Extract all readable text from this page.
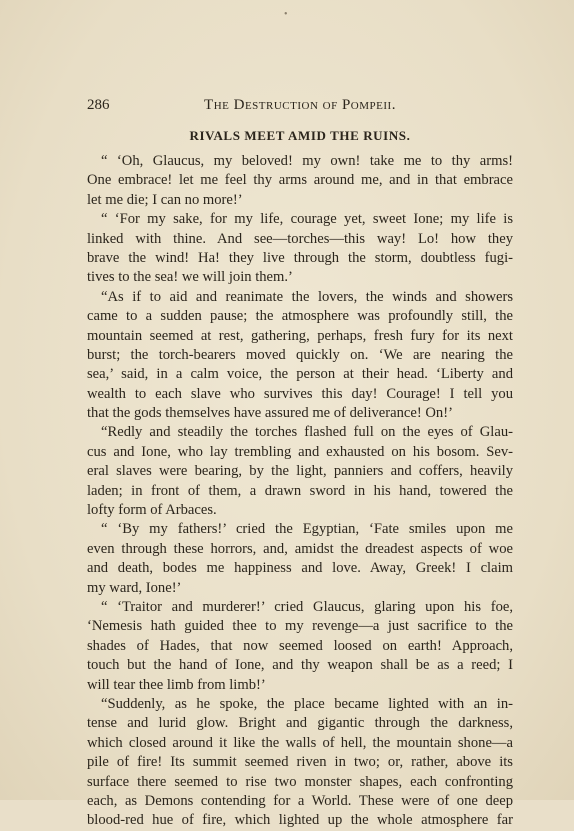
•
286	The Destruction of Pompeii.
RIVALS MEET AMID THE RUINS.
“ ‘Oh, Glaucus, my beloved! my own! take me to thy arms!
One embrace! let me feel thy arms around me, and in that embrace
let me die; I can no more!’
“ ‘For my sake, for my life, courage yet, sweet Ione; my life is
linked with thine. And see—torches—this way! Lo! how they
brave the wind! Ha! they live through the storm, doubtless fugi-
tives to the sea! we will join them.’
“As if to aid and reanimate the lovers, the winds and showers
came to a sudden pause; the atmosphere was profoundly still, the
mountain seemed at rest, gathering, perhaps, fresh fury for its next
burst; the torch-bearers moved quickly on. ‘We are nearing the
sea,’ said, in a calm voice, the person at their head. ‘Liberty and
wealth to each slave who survives this day! Courage! I tell you
that the gods themselves have assured me of deliverance! On!’
“Redly and steadily the torches flashed full on the eyes of Glau-
cus and Ione, who lay trembling and exhausted on his bosom. Sev-
eral slaves were bearing, by the light, panniers and coffers, heavily
laden; in front of them, a drawn sword in his hand, towered the
lofty form of Arbaces.
“ ‘By my fathers!’ cried the Egyptian, ‘Fate smiles upon me
even through these horrors, and, amidst the dreadest aspects of woe
and death, bodes me happiness and love. Away, Greek! I claim
my ward, Ione!’
“ ‘Traitor and murderer!’ cried Glaucus, glaring upon his foe,
‘Nemesis hath guided thee to my revenge—a just sacrifice to the
shades of Hades, that now seemed loosed on earth! Approach,
touch but the hand of Ione, and thy weapon shall be as a reed; I
will tear thee limb from limb!’
“Suddenly, as he spoke, the place became lighted with an in-
tense and lurid glow. Bright and gigantic through the darkness,
which closed around it like the walls of hell, the mountain shone—a
pile of fire! Its summit seemed riven in two; or, rather, above its
surface there seemed to rise two monster shapes, each confronting
each, as Demons contending for a World. These were of one deep
blood-red hue of fire, which lighted up the whole atmosphere far
